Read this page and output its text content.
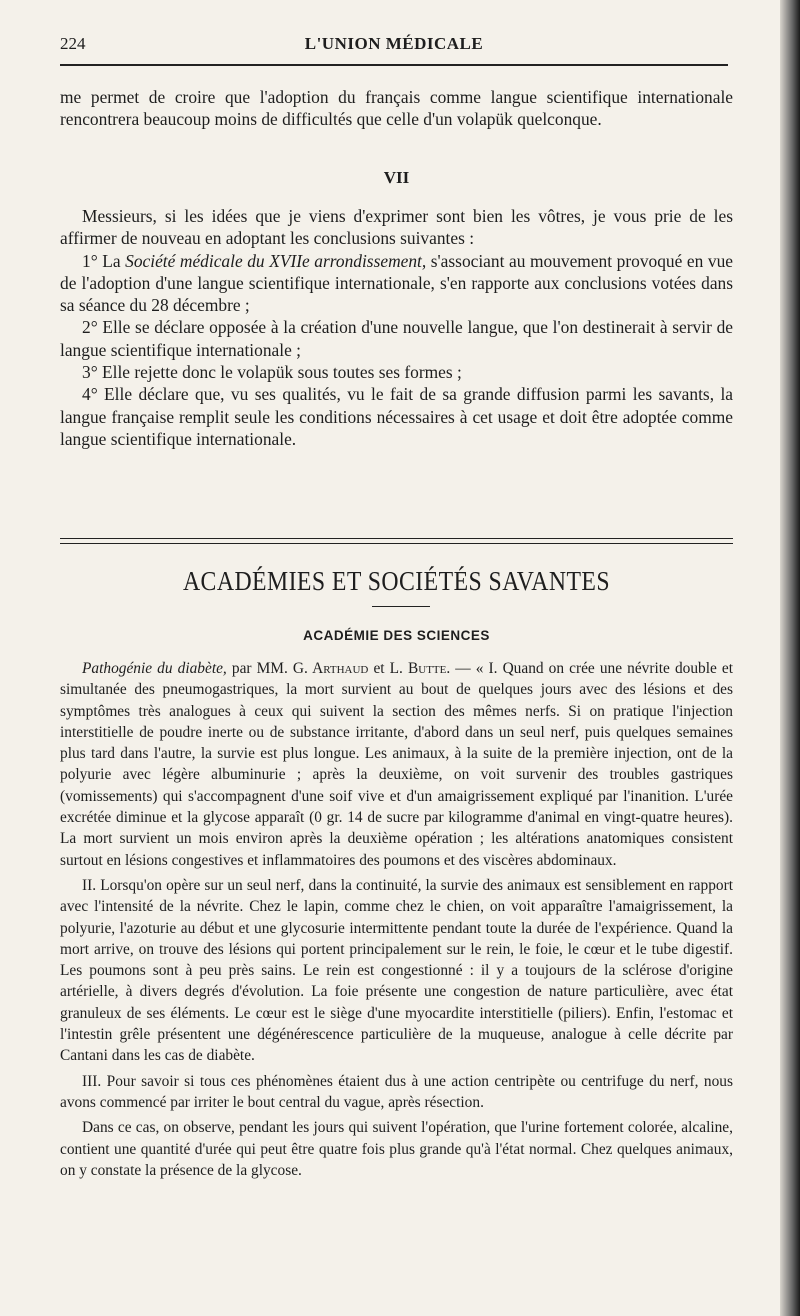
224	L'UNION MÉDICALE

me permet de croire que l'adoption du français comme langue scientifique internationale rencontrera beaucoup moins de difficultés que celle d'un volapük quelconque.

VII

Messieurs, si les idées que je viens d'exprimer sont bien les vôtres, je vous prie de les affirmer de nouveau en adoptant les conclusions suivantes :

1° La Société médicale du XVIIe arrondissement, s'associant au mouvement provoqué en vue de l'adoption d'une langue scientifique internationale, s'en rapporte aux conclusions votées dans sa séance du 28 décembre ;

2° Elle se déclare opposée à la création d'une nouvelle langue, que l'on destinerait à servir de langue scientifique internationale ;

3° Elle rejette donc le volapük sous toutes ses formes ;

4° Elle déclare que, vu ses qualités, vu le fait de sa grande diffusion parmi les savants, la langue française remplit seule les conditions nécessaires à cet usage et doit être adoptée comme langue scientifique internationale.

ACADÉMIES ET SOCIÉTÉS SAVANTES
ACADÉMIE DES SCIENCES

Pathogénie du diabète, par MM. G. Arthaud et L. Butte. — « I. Quand on crée une névrite double et simultanée des pneumogastriques, la mort survient au bout de quelques jours avec des lésions et des symptômes très analogues à ceux qui suivent la section des mêmes nerfs. Si on pratique l'injection interstitielle de poudre inerte ou de substance irritante, d'abord dans un seul nerf, puis quelques semaines plus tard dans l'autre, la survie est plus longue. Les animaux, à la suite de la première injection, ont de la polyurie avec légère albuminurie ; après la deuxième, on voit survenir des troubles gastriques (vomissements) qui s'accompagnent d'une soif vive et d'un amaigrissement expliqué par l'inanition. L'urée excrétée diminue et la glycose apparaît (0 gr. 14 de sucre par kilogramme d'animal en vingt-quatre heures). La mort survient un mois environ après la deuxième opération ; les altérations anatomiques consistent surtout en lésions congestives et inflammatoires des poumons et des viscères abdominaux.

II. Lorsqu'on opère sur un seul nerf, dans la continuité, la survie des animaux est sensiblement en rapport avec l'intensité de la névrite. Chez le lapin, comme chez le chien, on voit apparaître l'amaigrissement, la polyurie, l'azoturie au début et une glycosurie intermittente pendant toute la durée de l'expérience. Quand la mort arrive, on trouve des lésions qui portent principalement sur le rein, le foie, le cœur et le tube digestif. Les poumons sont à peu près sains. Le rein est congestionné : il y a toujours de la sclérose d'origine artérielle, à divers degrés d'évolution. La foie présente une congestion de nature particulière, avec état granuleux de ses éléments. Le cœur est le siège d'une myocardite interstitielle (piliers). Enfin, l'estomac et l'intestin grêle présentent une dégénérescence particulière de la muqueuse, analogue à celle décrite par Cantani dans les cas de diabète.

III. Pour savoir si tous ces phénomènes étaient dus à une action centripète ou centrifuge du nerf, nous avons commencé par irriter le bout central du vague, après résection.

Dans ce cas, on observe, pendant les jours qui suivent l'opération, que l'urine fortement colorée, alcaline, contient une quantité d'urée qui peut être quatre fois plus grande qu'à l'état normal. Chez quelques animaux, on y constate la présence de la glycose.
